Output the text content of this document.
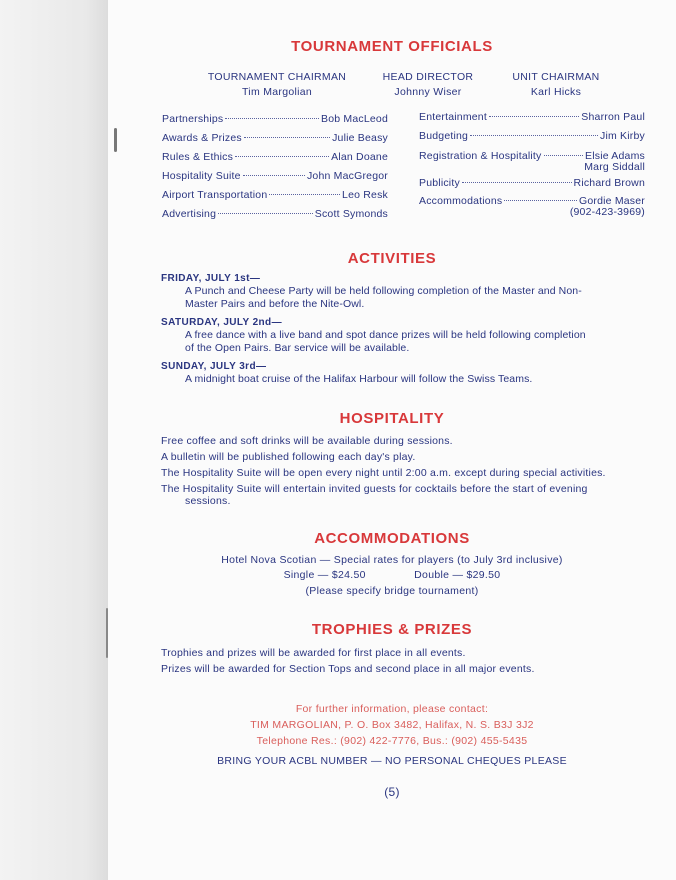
TOURNAMENT OFFICIALS
TOURNAMENT CHAIRMAN
Tim Margolian
HEAD DIRECTOR
Johnny Wiser
UNIT CHAIRMAN
Karl Hicks
Partnerships	Bob MacLeod
Awards & Prizes	Julie Beasy
Rules & Ethics	Alan Doane
Hospitality Suite	John MacGregor
Airport Transportation	Leo Resk
Advertising	Scott Symonds
Entertainment	Sharron Paul
Budgeting	Jim Kirby
Registration & Hospitality	Elsie Adams
Marg Siddall
Publicity	Richard Brown
Accommodations	Gordie Maser
(902-423-3969)
ACTIVITIES
FRIDAY, JULY 1st—
A Punch and Cheese Party will be held following completion of the Master and Non-
Master Pairs and before the Nite-Owl.
SATURDAY, JULY 2nd—
A free dance with a live band and spot dance prizes will be held following completion
of the Open Pairs. Bar service will be available.
SUNDAY, JULY 3rd—
A midnight boat cruise of the Halifax Harbour will follow the Swiss Teams.
HOSPITALITY
Free coffee and soft drinks will be available during sessions.
A bulletin will be published following each day's play.
The Hospitality Suite will be open every night until 2:00 a.m. except during special activities.
The Hospitality Suite will entertain invited guests for cocktails before the start of evening
sessions.
ACCOMMODATIONS
Hotel Nova Scotian — Special rates for players (to July 3rd inclusive)
Single — $24.50	Double — $29.50
(Please specify bridge tournament)
TROPHIES & PRIZES
Trophies and prizes will be awarded for first place in all events.
Prizes will be awarded for Section Tops and second place in all major events.
For further information, please contact:
TIM MARGOLIAN, P. O. Box 3482, Halifax, N. S. B3J 3J2
Telephone Res.: (902) 422-7776, Bus.: (902) 455-5435
BRING YOUR ACBL NUMBER — NO PERSONAL CHEQUES PLEASE
(5)
